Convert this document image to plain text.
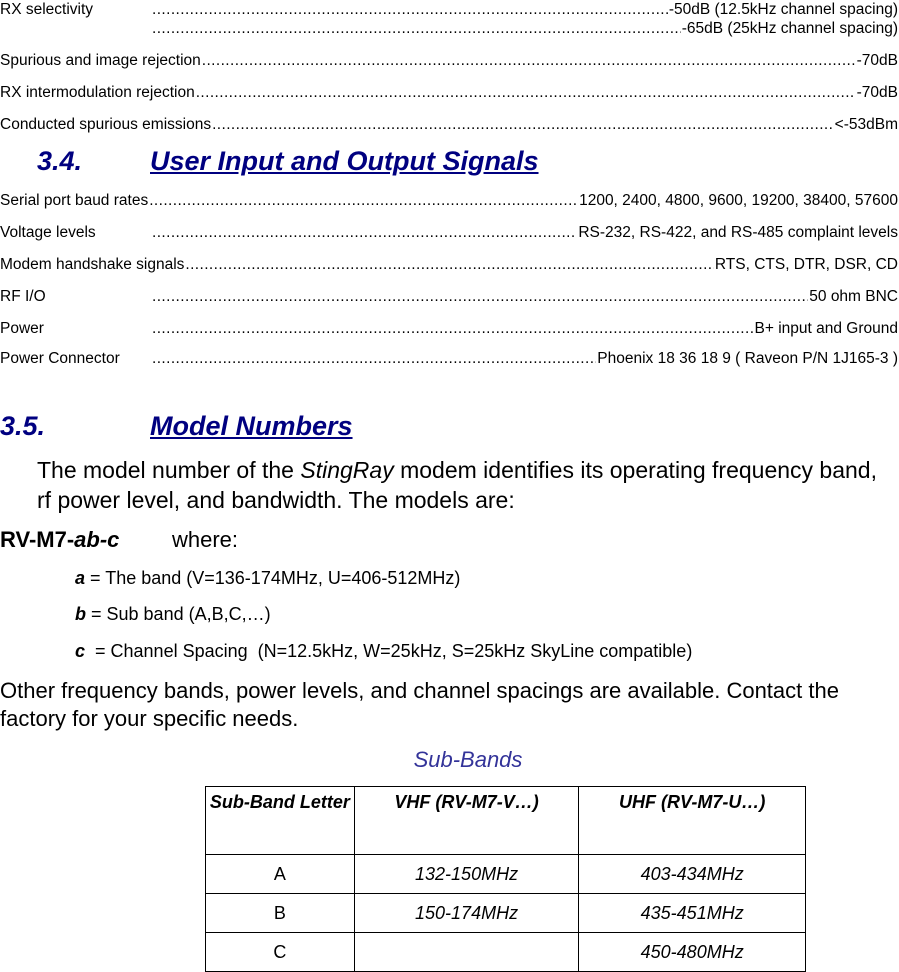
RX selectivity .....	-50dB (12.5kHz channel spacing)
.....
-65dB (25kHz channel spacing)
Spurious and image rejection .....	-70dB
RX intermodulation rejection .....	-70dB
Conducted spurious emissions .....	<-53dBm
3.4.	User Input and Output Signals
Serial port baud rates .....	1200, 2400, 4800, 9600, 19200, 38400, 57600
Voltage levels .....	RS-232, RS-422, and RS-485 complaint levels
Modem handshake signals .....	RTS, CTS, DTR, DSR, CD
RF I/O .....	50 ohm BNC
Power .....	B+ input and Ground
Power Connector .....	Phoenix 18 36 18 9 ( Raveon P/N 1J165-3 )
3.5.	Model Numbers
The model number of the StingRay modem identifies its operating frequency band, rf power level, and bandwidth. The models are:
RV-M7-ab-c where:
a = The band (V=136-174MHz, U=406-512MHz)
b = Sub band (A,B,C,…)
c  = Channel Spacing  (N=12.5kHz, W=25kHz, S=25kHz SkyLine compatible)
Other frequency bands, power levels, and channel spacings are available. Contact the factory for your specific needs.
Sub-Bands
Sub-Band Letter	VHF (RV-M7-V…)	UHF (RV-M7-U…)
A	132-150MHz	403-434MHz
B	150-174MHz	435-451MHz
C		450-480MHz
